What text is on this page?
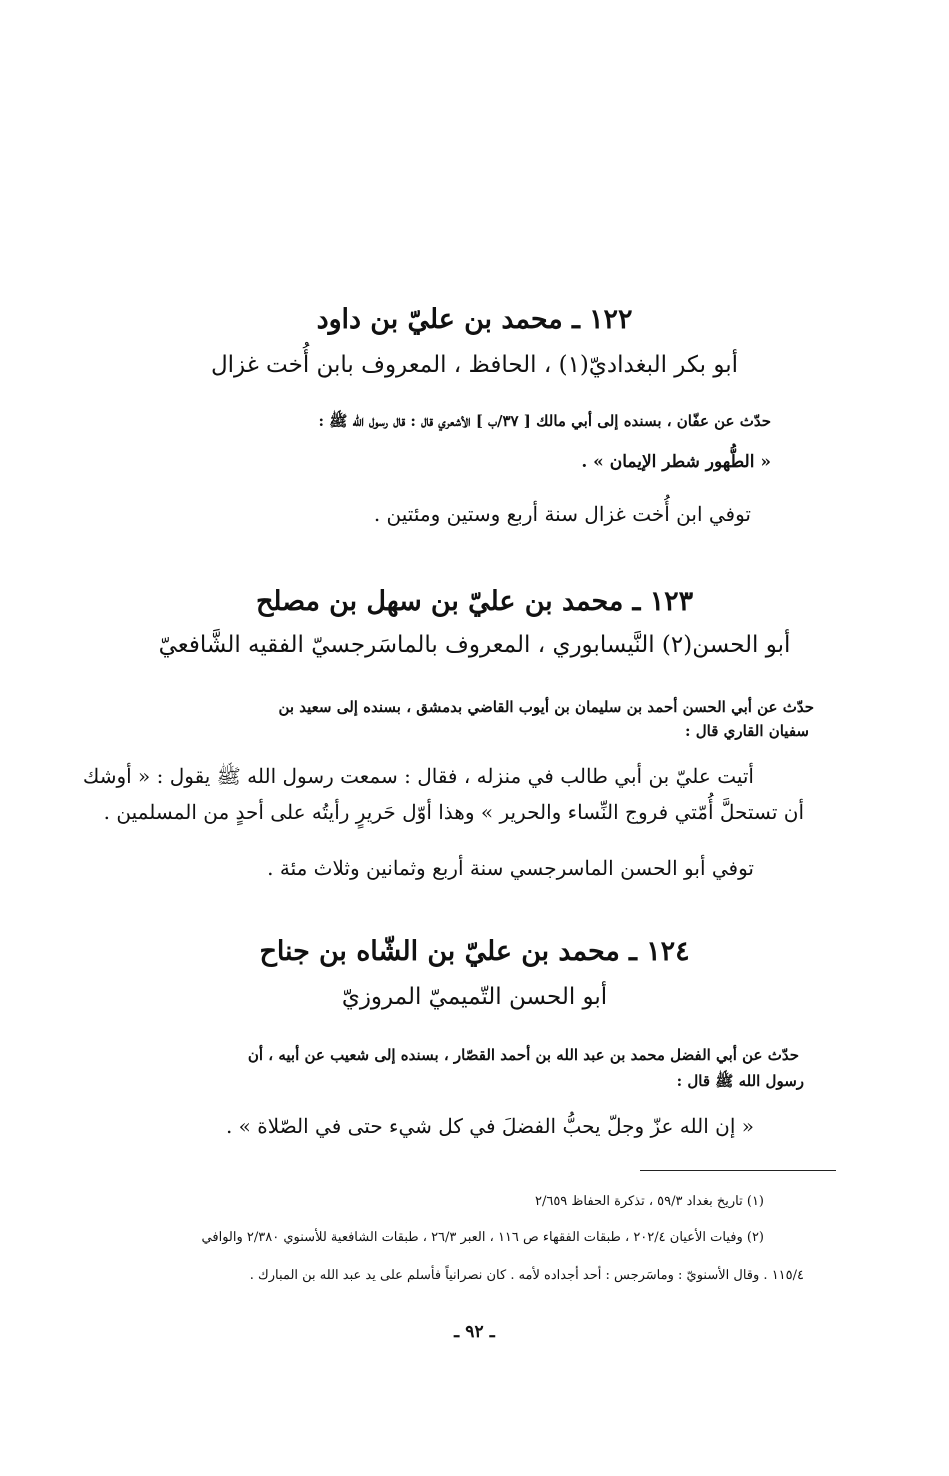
١٢٢ ـ محمد بن عليّ بن داود
أبو بكر البغداديّ(١) ، الحافظ ، المعروف بابن أُخت غزال
حدّث عن عفّان ، بسنده إلى أبي مالك [ ٣٧/ب ] الأشعري قال : قال رسول الله ﷺ :
« الطُّهور شطر الإيمان » .
توفي ابن أُخت غزال سنة أربع وستين ومئتين .
١٢٣ ـ محمد بن عليّ بن سهل بن مصلح
أبو الحسن(٢) النَّيسابوري ، المعروف بالماسَرجسيّ الفقيه الشَّافعيّ
حدّث عن أبي الحسن أحمد بن سليمان بن أيوب القاضي بدمشق ، بسنده إلى سعيد بن
سفيان القاري قال :
أتيت عليّ بن أبي طالب في منزله ، فقال : سمعت رسول الله ﷺ يقول : « أوشك
أن تستحلَّ أُمّتي فروج النِّساء والحرير » وهذا أوّل حَريرٍ رأيتُه على أحدٍ من المسلمين .
توفي أبو الحسن الماسرجسي سنة أربع وثمانين وثلاث مئة .
١٢٤ ـ محمد بن عليّ بن الشّاه بن جناح
أبو الحسن التّميميّ المروزيّ
حدّث عن أبي الفضل محمد بن عبد الله بن أحمد القصّار ، بسنده إلى شعيب عن أبيه ، أن
رسول الله ﷺ قال :
« إن الله عزّ وجلّ يحبُّ الفضلَ في كل شيء حتى في الصّلاة » .
(١) تاريخ بغداد ٥٩/٣ ، تذكرة الحفاظ ٢/٦٥٩
(٢) وفيات الأعيان ٢٠٢/٤ ، طبقات الفقهاء ص ١١٦ ، العبر ٢٦/٣ ، طبقات الشافعية للأسنوي ٢/٣٨٠ والوافي
١١٥/٤ . وقال الأسنويّ : وماسَرجس : أحد أجداده لأمه . كان نصرانياً فأسلم على يد عبد الله بن المبارك .
ـ ٩٢ ـ
